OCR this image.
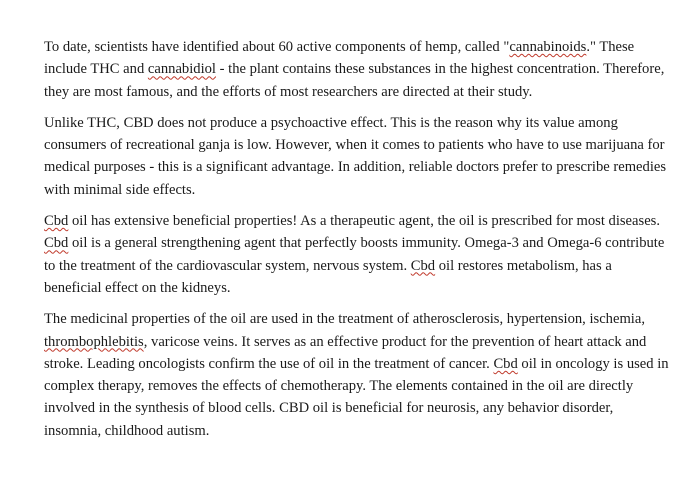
To date, scientists have identified about 60 active components of hemp, called "cannabinoids." These include THC and cannabidiol - the plant contains these substances in the highest concentration. Therefore, they are most famous, and the efforts of most researchers are directed at their study.

Unlike THC, CBD does not produce a psychoactive effect. This is the reason why its value among consumers of recreational ganja is low. However, when it comes to patients who have to use marijuana for medical purposes - this is a significant advantage. In addition, reliable doctors prefer to prescribe remedies with minimal side effects.

Cbd oil has extensive beneficial properties! As a therapeutic agent, the oil is prescribed for most diseases. Cbd oil is a general strengthening agent that perfectly boosts immunity. Omega-3 and Omega-6 contribute to the treatment of the cardiovascular system, nervous system. Cbd oil restores metabolism, has a beneficial effect on the kidneys.

The medicinal properties of the oil are used in the treatment of atherosclerosis, hypertension, ischemia, thrombophlebitis, varicose veins. It serves as an effective product for the prevention of heart attack and stroke. Leading oncologists confirm the use of oil in the treatment of cancer. Cbd oil in oncology is used in complex therapy, removes the effects of chemotherapy. The elements contained in the oil are directly involved in the synthesis of blood cells. CBD oil is beneficial for neurosis, any behavior disorder, insomnia, childhood autism.
